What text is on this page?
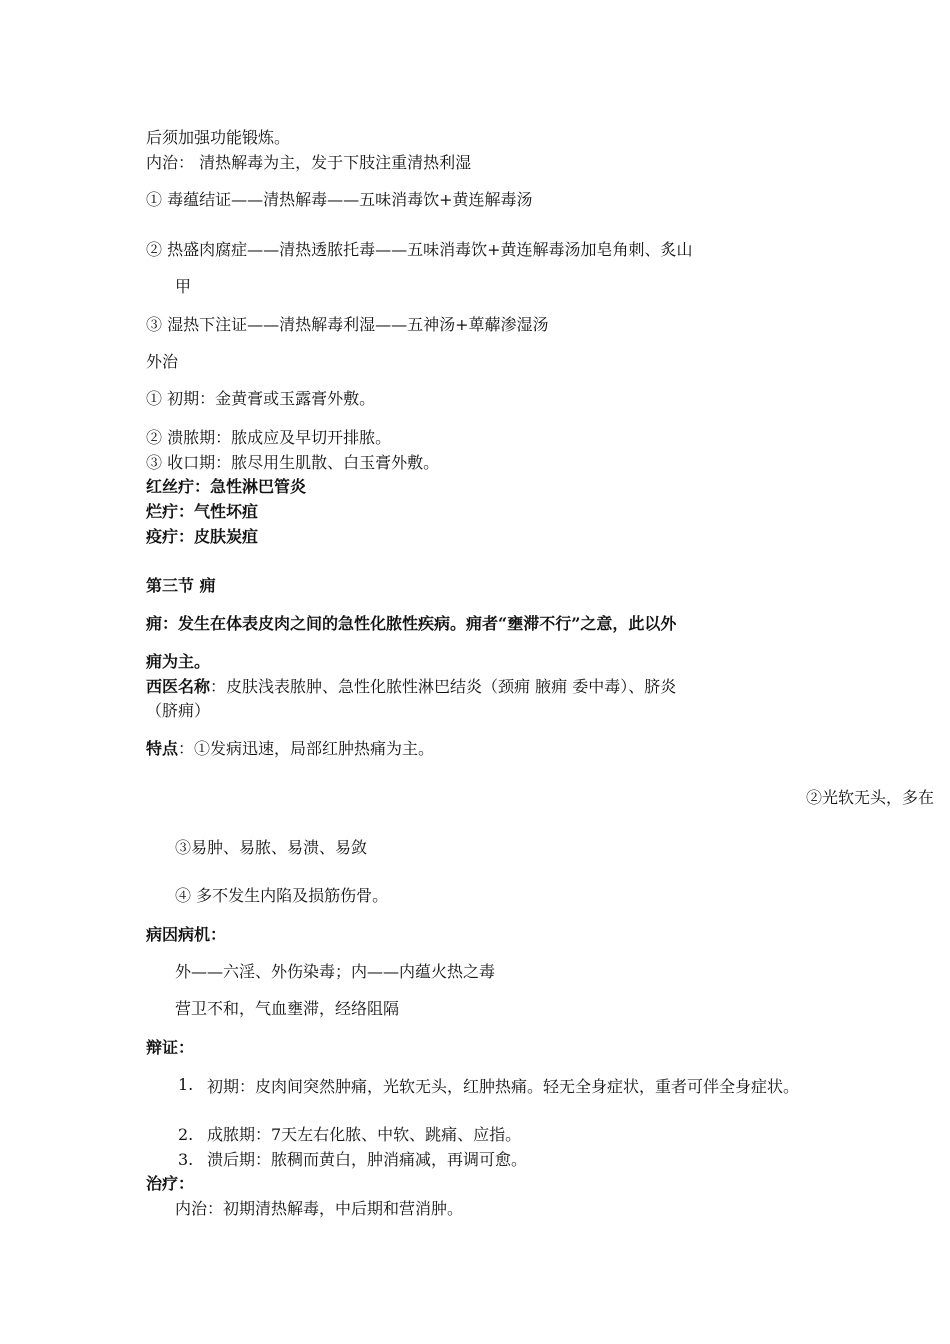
后须加强功能锻炼。
内治： 清热解毒为主，发于下肢注重清热利湿
① 毒蕴结证——清热解毒——五味消毒饮+黄连解毒汤
② 热盛肉腐症——清热透脓托毒——五味消毒饮+黄连解毒汤加皂角刺、炙山
甲
③ 湿热下注证——清热解毒利湿——五神汤+萆薢渗湿汤
外治
① 初期：金黄膏或玉露膏外敷。
② 溃脓期：脓成应及早切开排脓。
③ 收口期：脓尽用生肌散、白玉膏外敷。
红丝疔：急性淋巴管炎
烂疔：气性坏疽
疫疔：皮肤炭疽
第三节 痈
痈：发生在体表皮肉之间的急性化脓性疾病。痈者“壅滞不行”之意，此以外
痈为主。
西医名称：皮肤浅表脓肿、急性化脓性淋巴结炎（颈痈 腋痈 委中毒）、脐炎
（脐痈）
特点：①发病迅速，局部红肿热痛为主。
②光软无头，多在
③易肿、易脓、易溃、易敛
④ 多不发生内陷及损筋伤骨。
病因病机：
外——六淫、外伤染毒；内——内蕴火热之毒
营卫不和，气血壅滞，经络阻隔
辩证：
1. 初期：皮肉间突然肿痛，光软无头，红肿热痛。轻无全身症状，重者可伴全身症状。
2. 成脓期：7天左右化脓、中软、跳痛、应指。
3. 溃后期：脓稠而黄白，肿消痛减，再调可愈。
治疗：
内治：初期清热解毒，中后期和营消肿。
